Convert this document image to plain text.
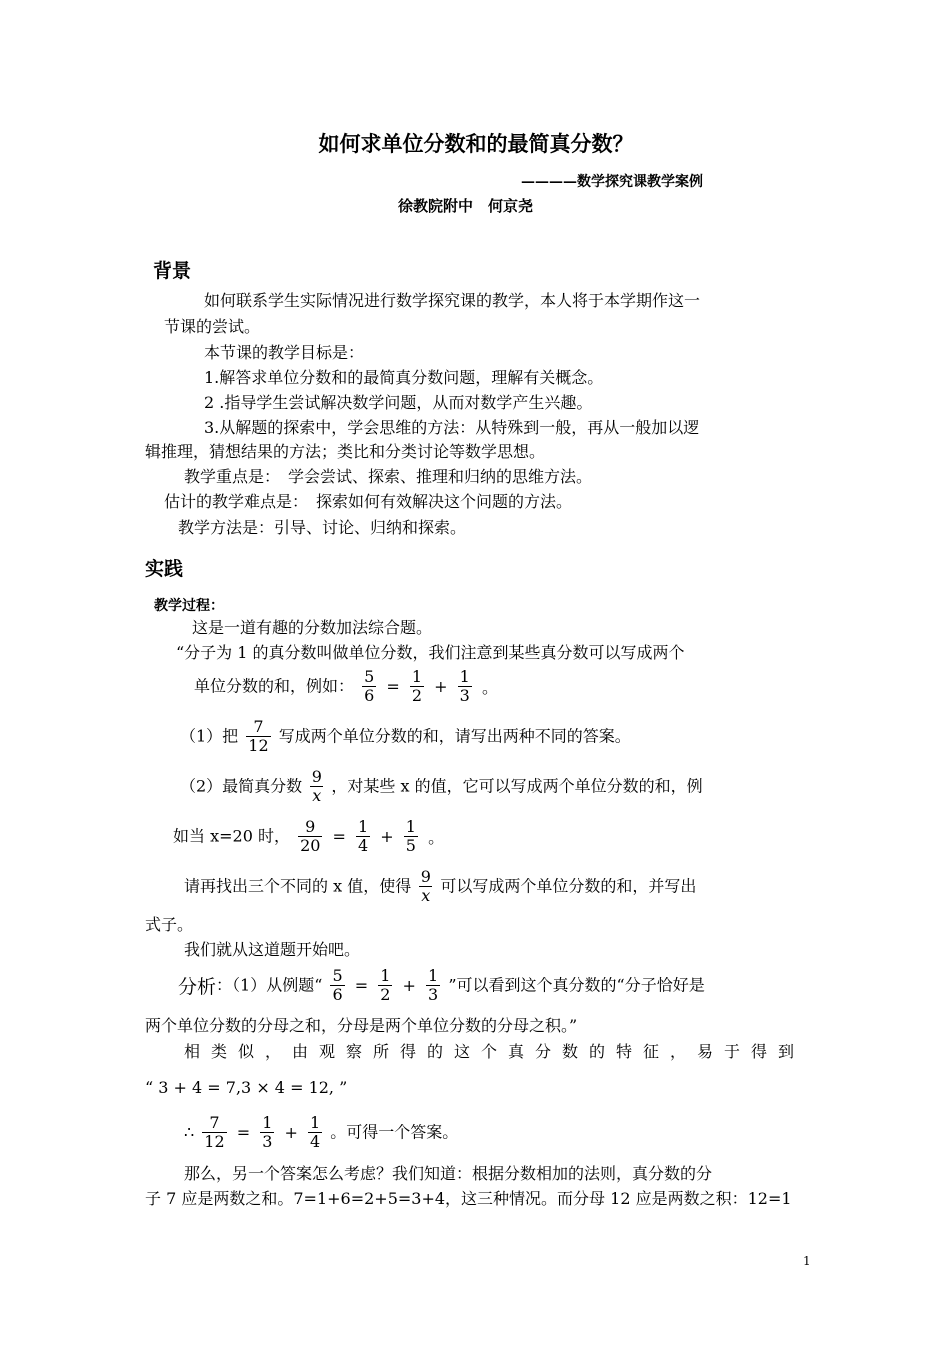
如何求单位分数和的最简真分数？
————数学探究课教学案例
徐教院附中　何京尧
背景
如何联系学生实际情况进行数学探究课的教学，本人将于本学期作这一
节课的尝试。
本节课的教学目标是：
1.解答求单位分数和的最简真分数问题，理解有关概念。
2 .指导学生尝试解决数学问题，从而对数学产生兴趣。
3.从解题的探索中，学会思维的方法：从特殊到一般，再从一般加以逻
辑推理，猜想结果的方法；类比和分类讨论等数学思想。
教学重点是：　学会尝试、探索、推理和归纳的思维方法。
估计的教学难点是：　探索如何有效解决这个问题的方法。
教学方法是：引导、讨论、归纳和探索。
实践
教学过程：
这是一道有趣的分数加法综合题。
“分子为 1 的真分数叫做单位分数，我们注意到某些真分数可以写成两个
单位分数的和，例如： $\frac{5}{6} = \frac{1}{2} + \frac{1}{3}$ 。
（1）把 $\frac{7}{12}$ 写成两个单位分数的和，请写出两种不同的答案。
（2）最简真分数 $\frac{9}{x}$ ，对某些 x 的值，它可以写成两个单位分数的和，例
如当 x=20 时， $\frac{9}{20} = \frac{1}{4} + \frac{1}{5}$ 。
请再找出三个不同的 x 值，使得 $\frac{9}{x}$ 可以写成两个单位分数的和，并写出
式子。
我们就从这道题开始吧。
分析：（1）从例题“ $\frac{5}{6} = \frac{1}{2} + \frac{1}{3}$ ”可以看到这个真分数的“分子恰好是
两个单位分数的分母之和，分母是两个单位分数的分母之积。”
相类似，由观察所得的这个真分数的特征，易于得到
“ 3 + 4 = 7,3 × 4 = 12, ”
∴ $\frac{7}{12} = \frac{1}{3} + \frac{1}{4}$ 。可得一个答案。
那么，另一个答案怎么考虑？我们知道：根据分数相加的法则，真分数的分
子 7 应是两数之和。7=1+6=2+5=3+4，这三种情况。而分母 12 应是两数之积：12=1
1
